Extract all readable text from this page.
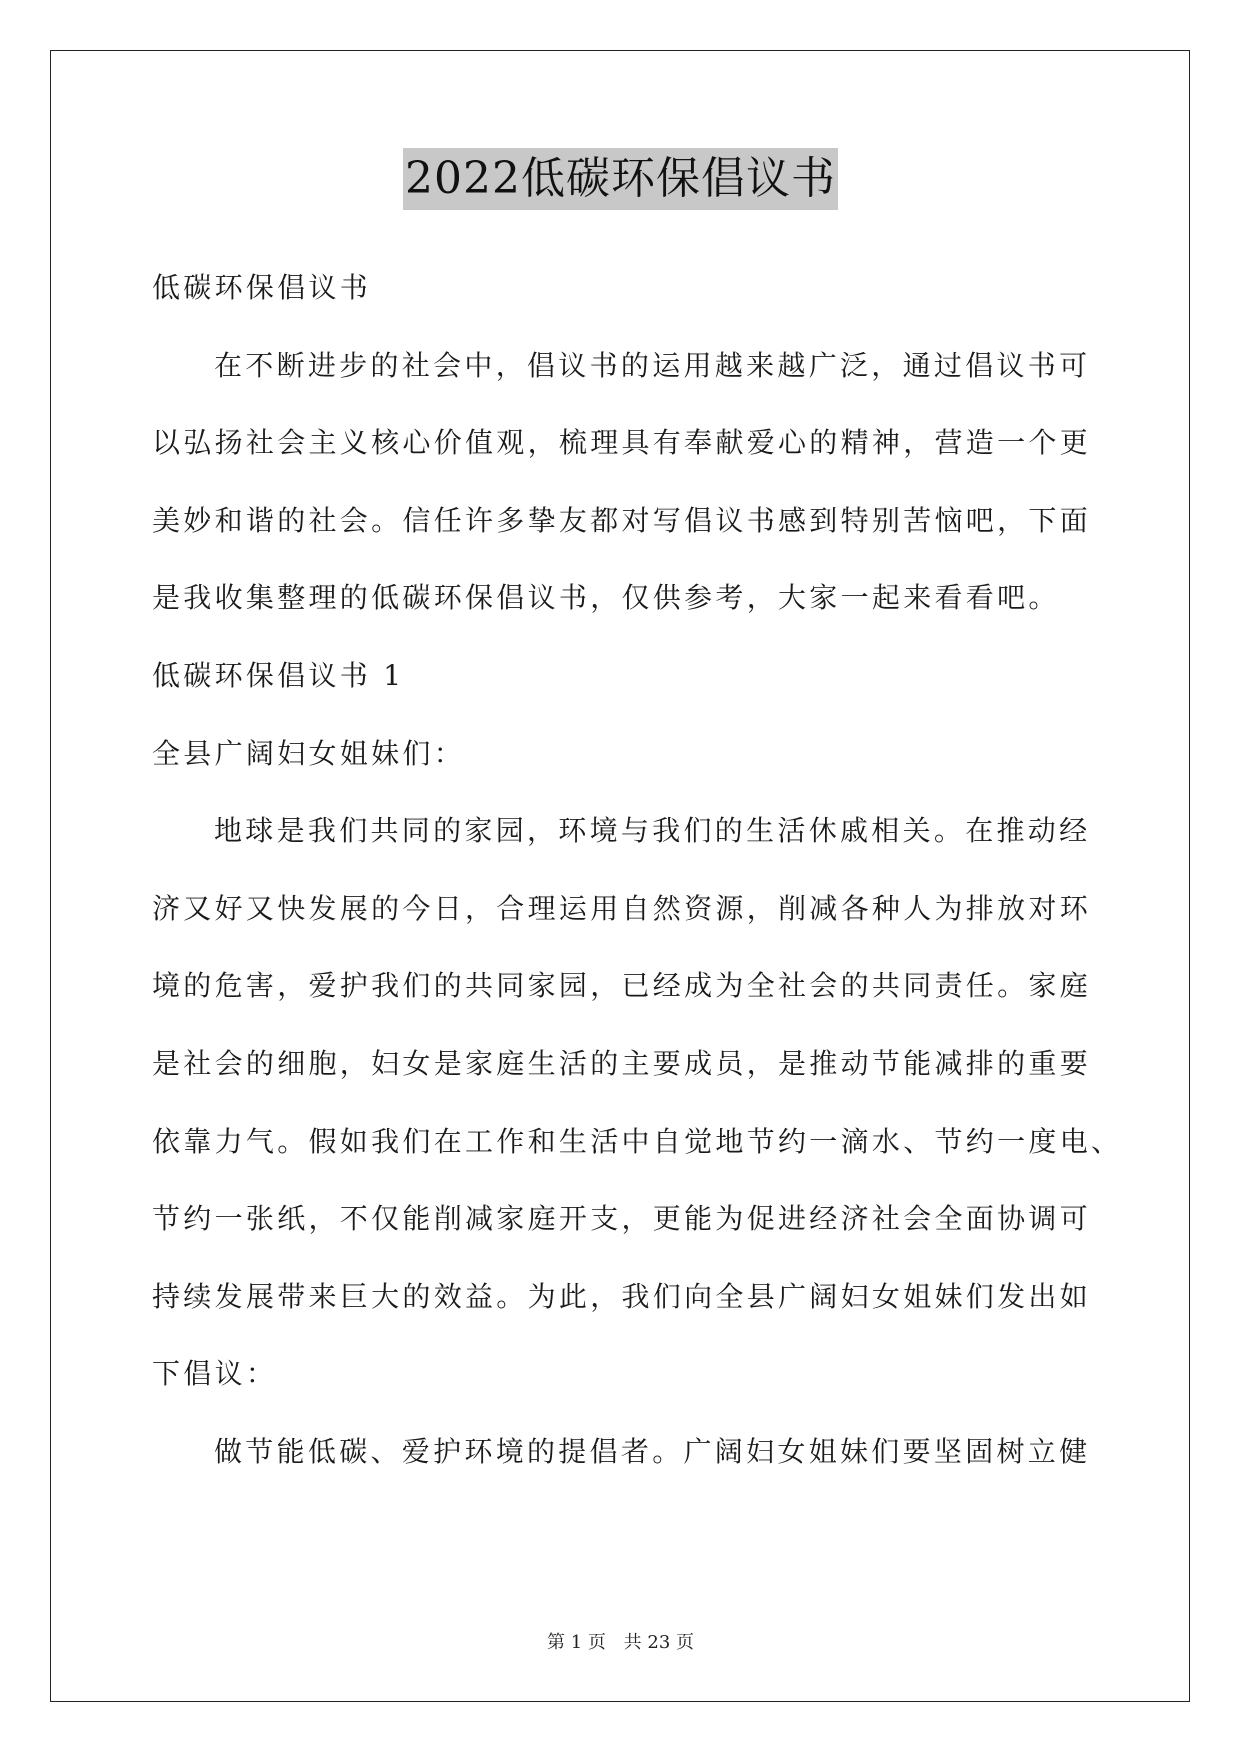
2022低碳环保倡议书
低碳环保倡议书
在不断进步的社会中，倡议书的运用越来越广泛，通过倡议书可
以弘扬社会主义核心价值观，梳理具有奉献爱心的精神，营造一个更
美妙和谐的社会。信任许多挚友都对写倡议书感到特别苦恼吧，下面
是我收集整理的低碳环保倡议书，仅供参考，大家一起来看看吧。
低碳环保倡议书 1
全县广阔妇女姐妹们：
地球是我们共同的家园，环境与我们的生活休戚相关。在推动经
济又好又快发展的今日，合理运用自然资源，削减各种人为排放对环
境的危害，爱护我们的共同家园，已经成为全社会的共同责任。家庭
是社会的细胞，妇女是家庭生活的主要成员，是推动节能减排的重要
依靠力气。假如我们在工作和生活中自觉地节约一滴水、节约一度电、
节约一张纸，不仅能削减家庭开支，更能为促进经济社会全面协调可
持续发展带来巨大的效益。为此，我们向全县广阔妇女姐妹们发出如
下倡议：
做节能低碳、爱护环境的提倡者。广阔妇女姐妹们要坚固树立健
第 1 页 共 23 页
